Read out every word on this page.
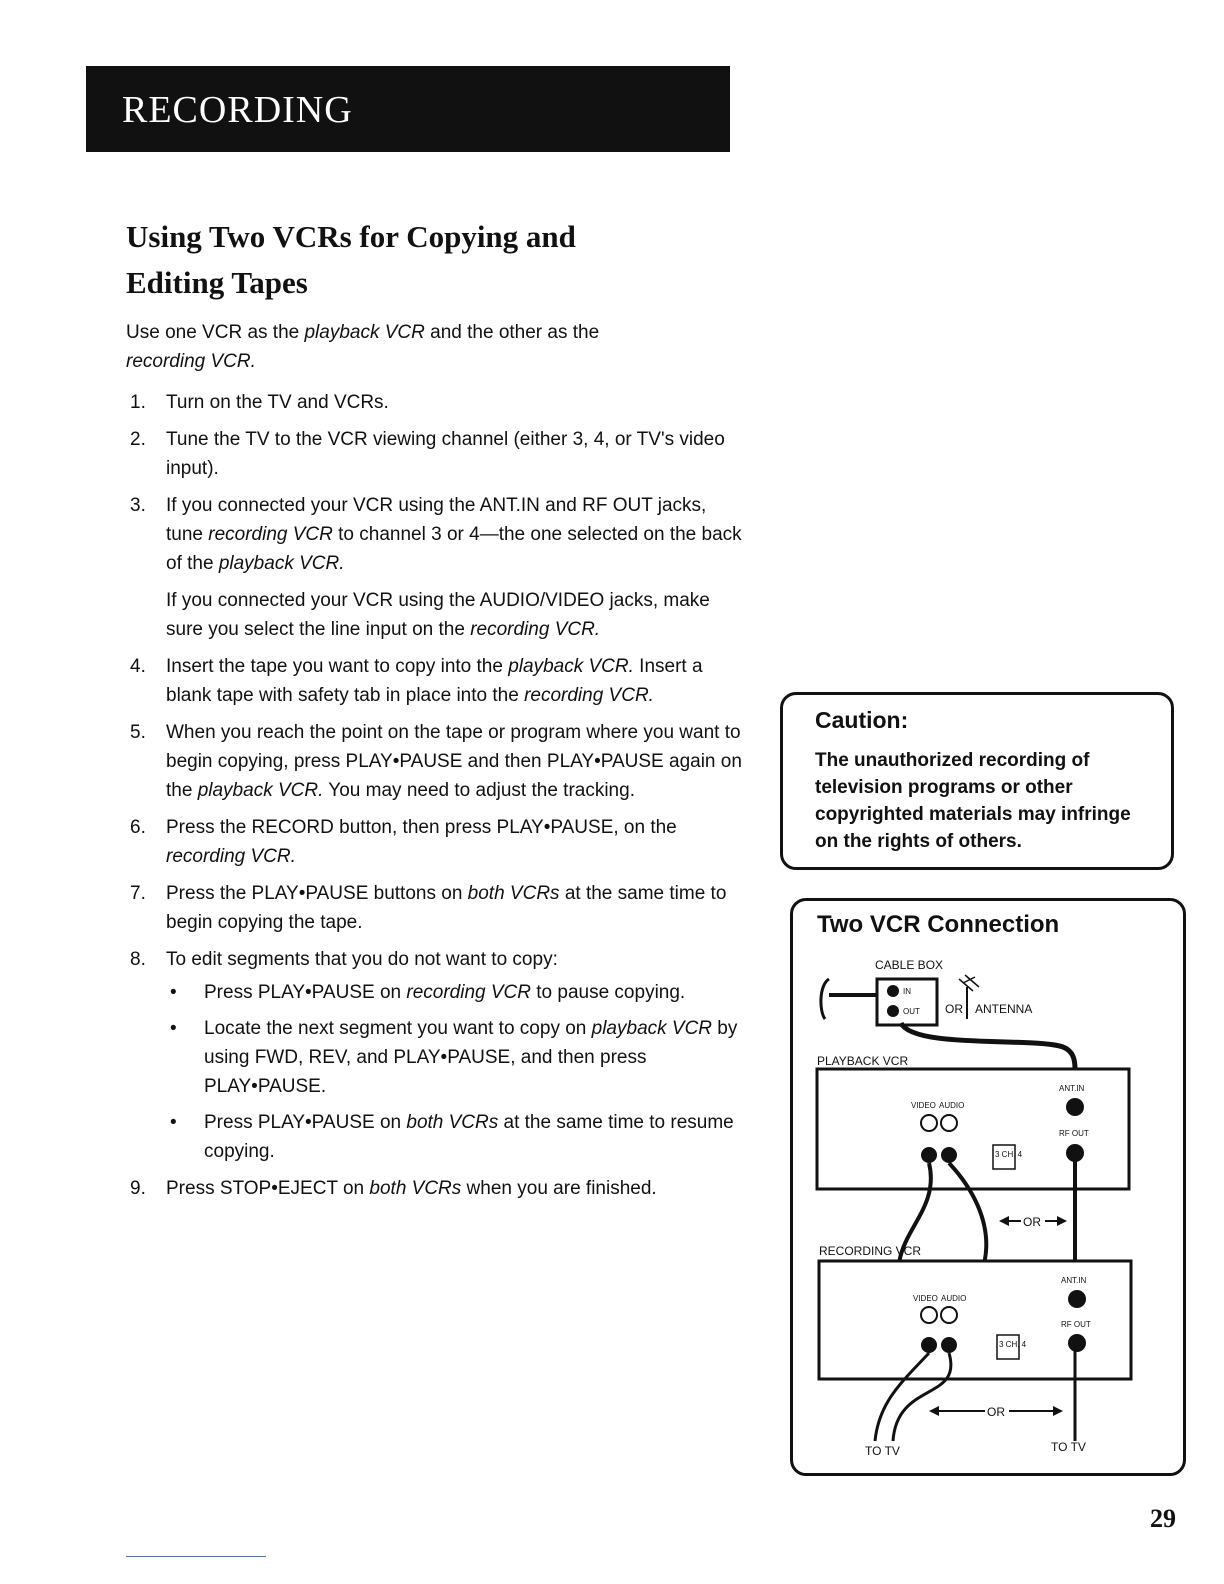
RECORDING
Using Two VCRs for Copying and
Editing Tapes
Use one VCR as the playback VCR and the other as the
recording VCR.
1. Turn on the TV and VCRs.
2. Tune the TV to the VCR viewing channel (either 3, 4, or TV's video input).
3. If you connected your VCR using the ANT.IN and RF OUT jacks, tune recording VCR to channel 3 or 4—the one selected on the back of the playback VCR.
If you connected your VCR using the AUDIO/VIDEO jacks, make sure you select the line input on the recording VCR.
4. Insert the tape you want to copy into the playback VCR. Insert a blank tape with safety tab in place into the recording VCR.
5. When you reach the point on the tape or program where you want to begin copying, press PLAY•PAUSE and then PLAY•PAUSE again on the playback VCR. You may need to adjust the tracking.
6. Press the RECORD button, then press PLAY•PAUSE, on the recording VCR.
7. Press the PLAY•PAUSE buttons on both VCRs at the same time to begin copying the tape.
8. To edit segments that you do not want to copy:
• Press PLAY•PAUSE on recording VCR to pause copying.
• Locate the next segment you want to copy on playback VCR by using FWD, REV, and PLAY•PAUSE, and then press PLAY•PAUSE.
• Press PLAY•PAUSE on both VCRs at the same time to resume copying.
9. Press STOP•EJECT on both VCRs when you are finished.
Caution:
The unauthorized recording of television programs or other copyrighted materials may infringe on the rights of others.
Two VCR Connection
CABLE BOX
IN
OUT OR ANTENNA
PLAYBACK VCR
VIDEO AUDIO
3 CH. 4
ANT.IN
RF OUT
OR
RECORDING VCR
VIDEO AUDIO
3 CH. 4
ANT.IN
RF OUT
OR
TO TV	TO TV
29
